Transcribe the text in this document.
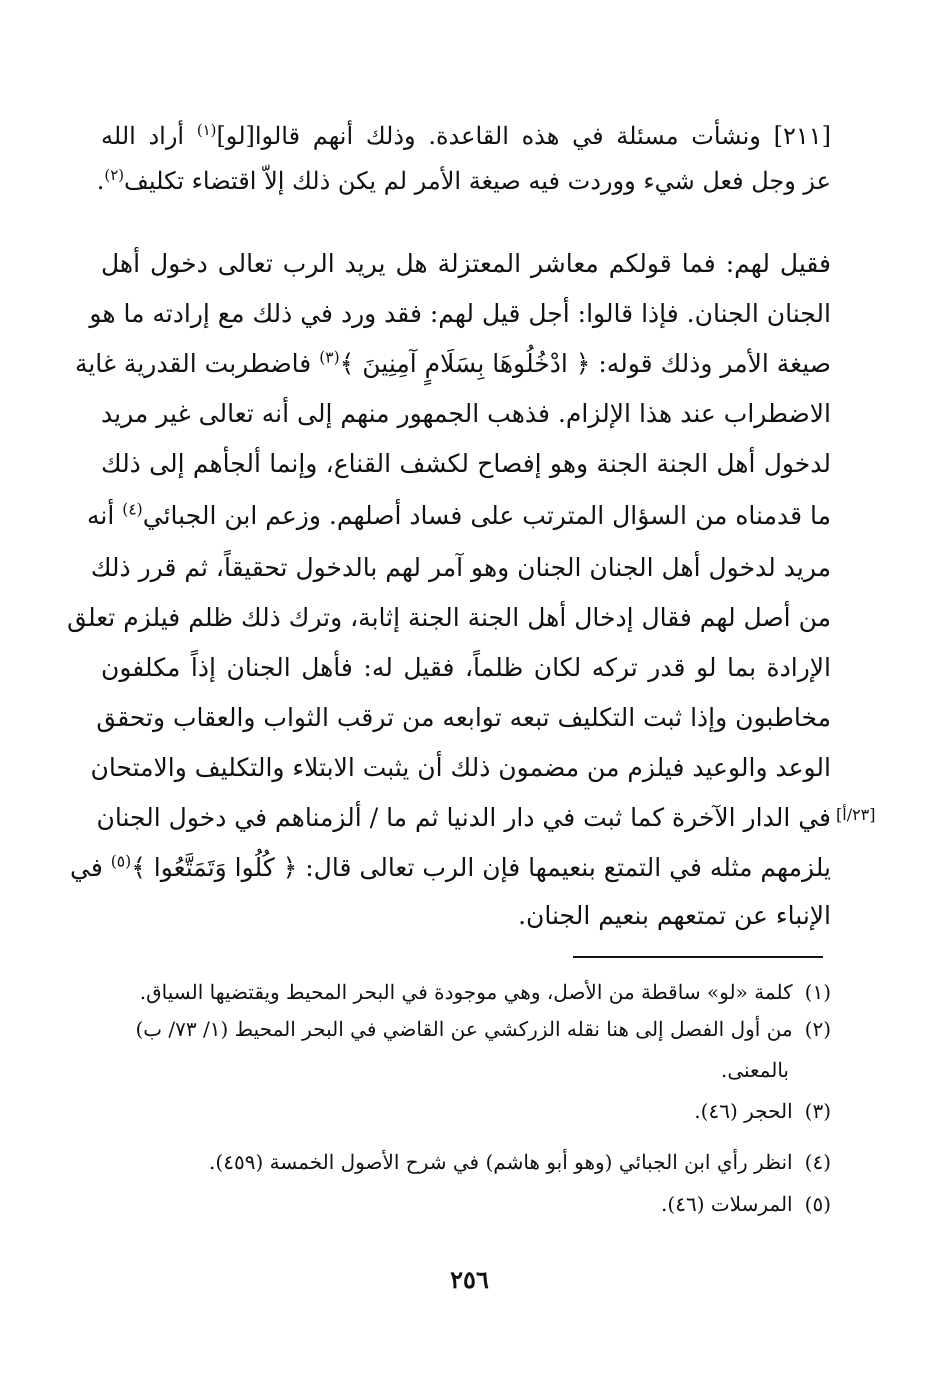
[٢١١] ونشأت مسئلة في هذه القاعدة. وذلك أنهم قالوا[لو]$^{(١)}$ أراد الله
عز وجل فعل شيء ووردت فيه صيغة الأمر لم يكن ذلك إلاّ اقتضاء تكليف$^{(٢)}$.
فقيل لهم: فما قولكم معاشر المعتزلة هل يريد الرب تعالى دخول أهل
الجنان الجنان. فإذا قالوا: أجل قيل لهم: فقد ورد في ذلك مع إرادته ما هو
صيغة الأمر وذلك قوله: ﴿ ادْخُلُوهَا بِسَلَامٍ آمِنِينَ ﴾$^{(٣)}$ فاضطربت القدرية غاية
الاضطراب عند هذا الإلزام. فذهب الجمهور منهم إلى أنه تعالى غير مريد
لدخول أهل الجنة الجنة وهو إفصاح لكشف القناع، وإنما ألجأهم إلى ذلك
ما قدمناه من السؤال المترتب على فساد أصلهم. وزعم ابن الجبائي$^{(٤)}$ أنه
مريد لدخول أهل الجنان الجنان وهو آمر لهم بالدخول تحقيقاً، ثم قرر ذلك
من أصل لهم فقال إدخال أهل الجنة الجنة إثابة، وترك ذلك ظلم فيلزم تعلق
الإرادة بما لو قدر تركه لكان ظلماً، فقيل له: فأهل الجنان إذاً مكلفون
مخاطبون وإذا ثبت التكليف تبعه توابعه من ترقب الثواب والعقاب وتحقق
الوعد والوعيد فيلزم من مضمون ذلك أن يثبت الابتلاء والتكليف والامتحان
في الدار الآخرة كما ثبت في دار الدنيا ثم ما / ألزمناهم في دخول الجنان
يلزمهم مثله في التمتع بنعيمها فإن الرب تعالى قال: ﴿ كُلُوا وَتَمَتَّعُوا ﴾$^{(٥)}$ في
الإنباء عن تمتعهم بنعيم الجنان.
[٢٣/أ]
(١)كلمة «لو» ساقطة من الأصل، وهي موجودة في البحر المحيط ويقتضيها السياق.
(٢)من أول الفصل إلى هنا نقله الزركشي عن القاضي في البحر المحيط (١/ ٧٣/ ب)
بالمعنى.
(٣)الحجر (٤٦).
(٤)انظر رأي ابن الجبائي (وهو أبو هاشم) في شرح الأصول الخمسة (٤٥٩).
(٥)المرسلات (٤٦).
٢٥٦
